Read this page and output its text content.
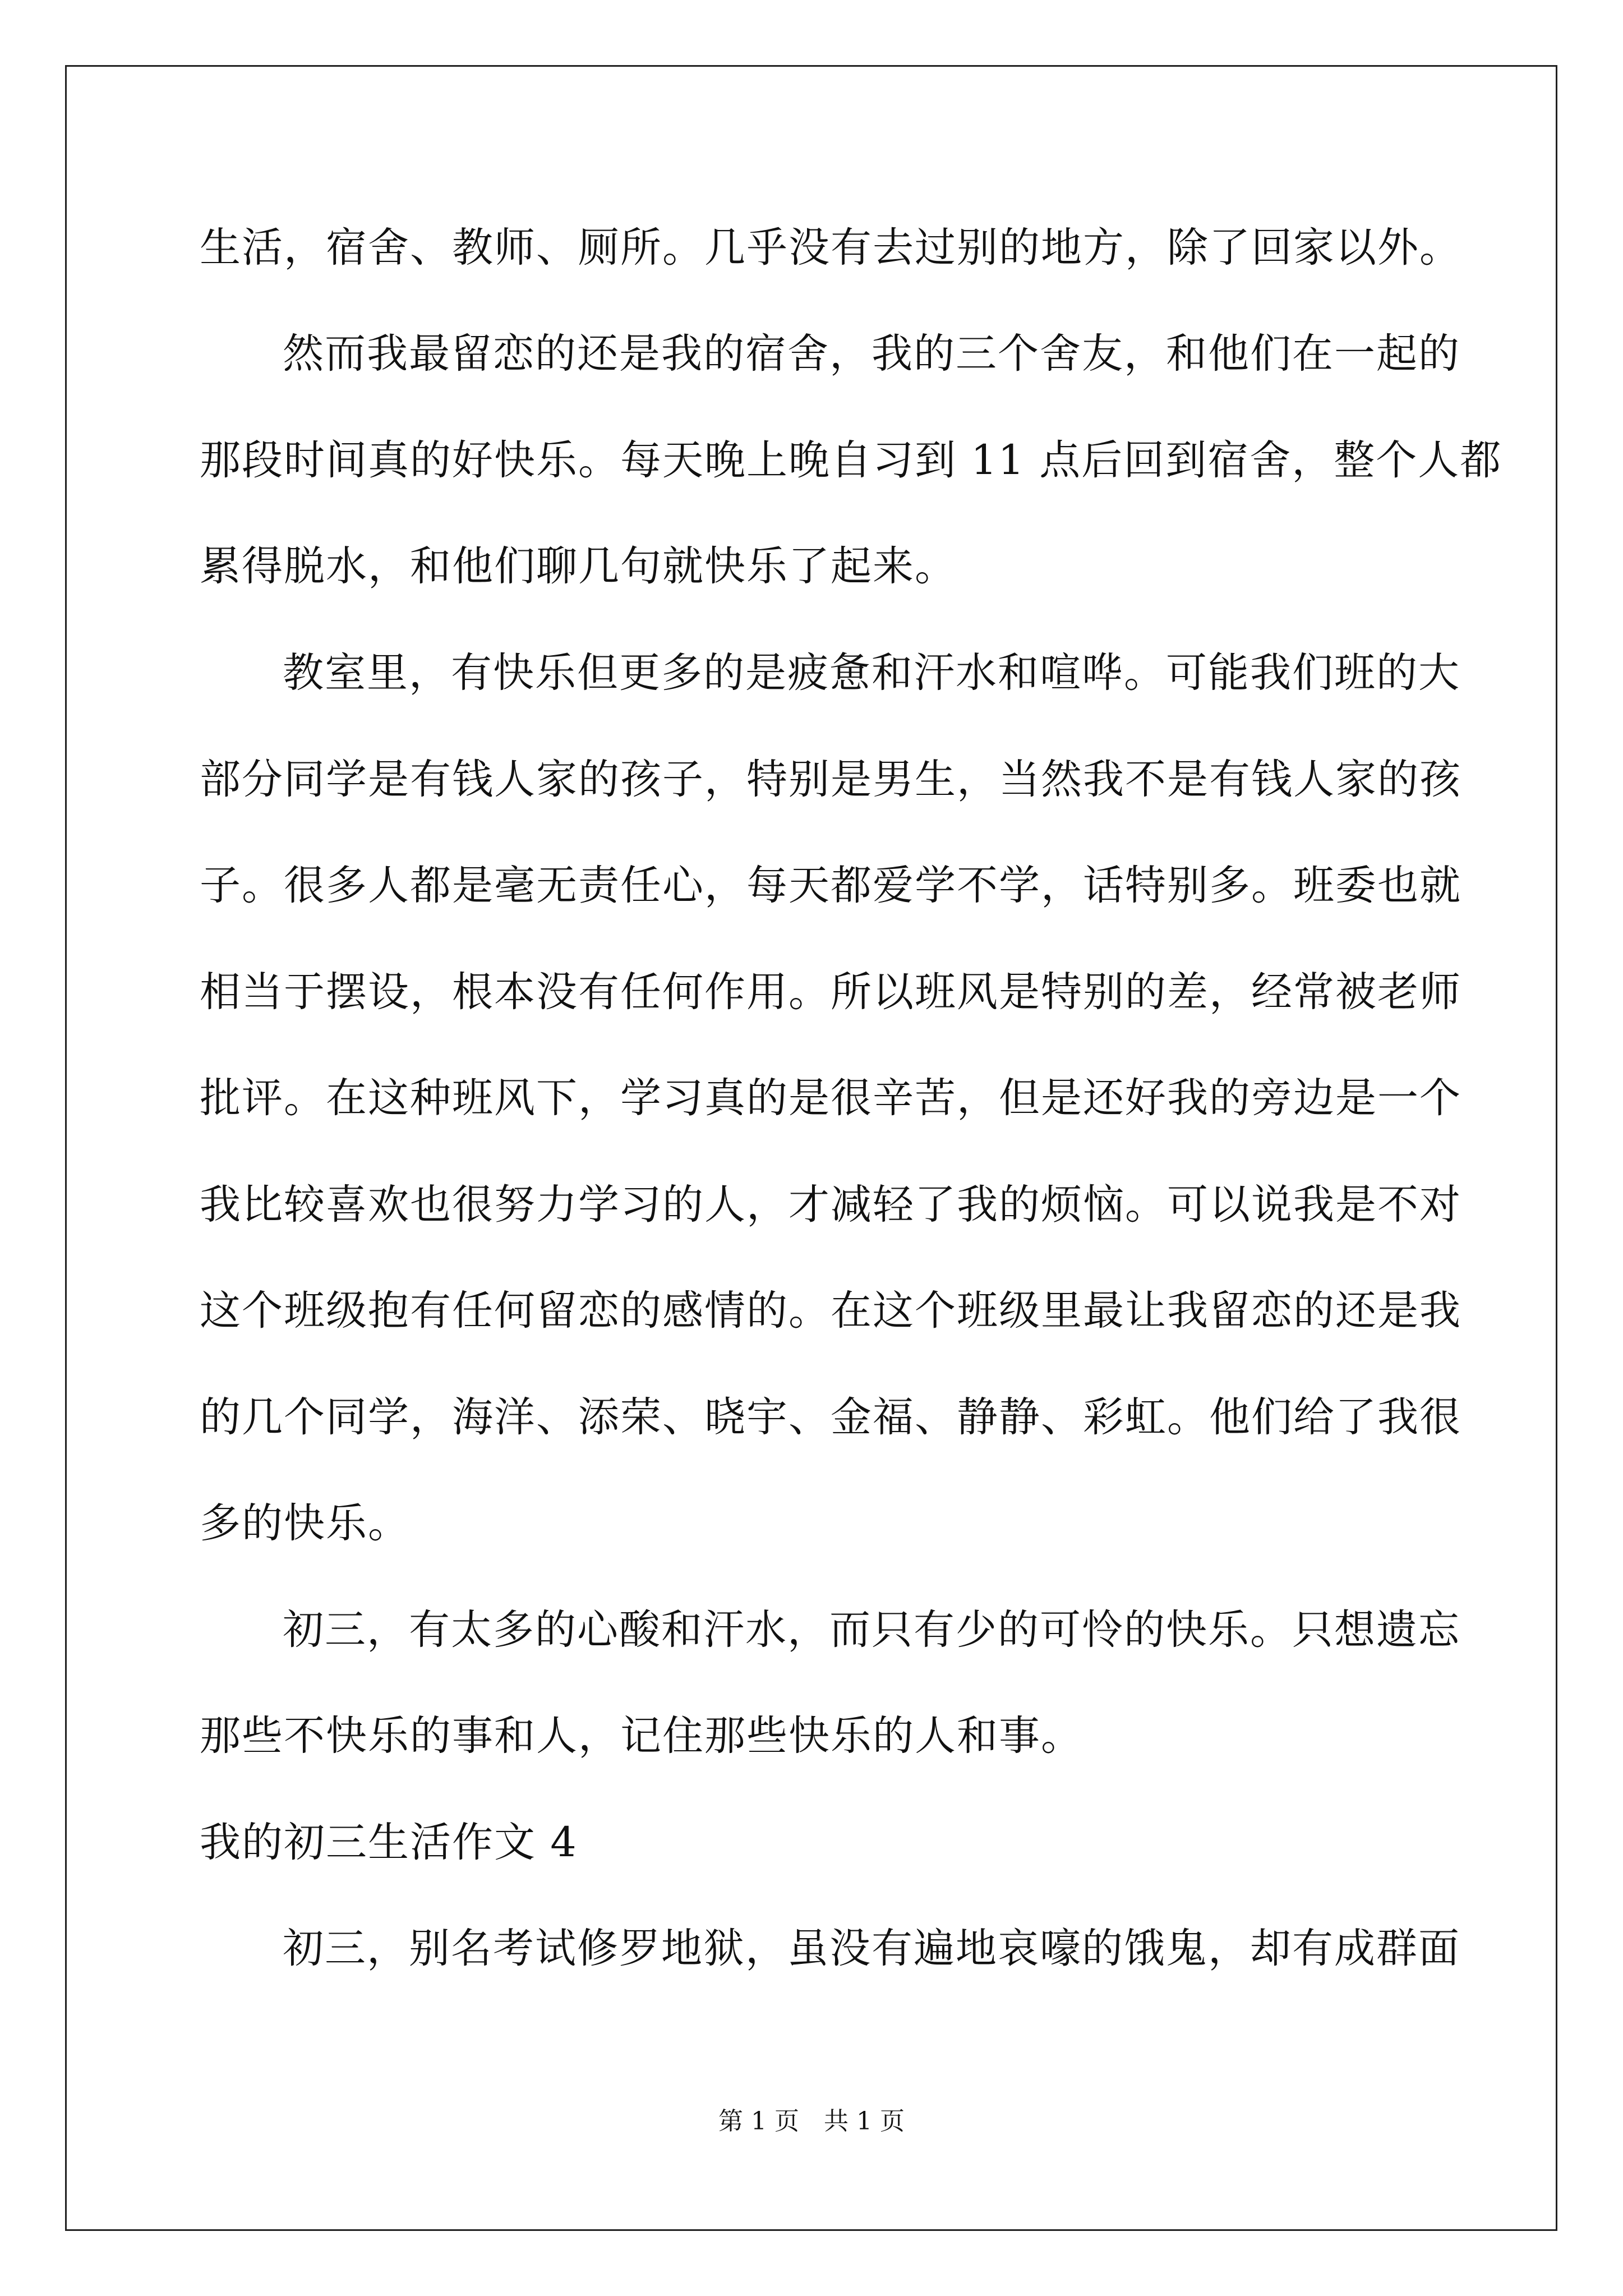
生活，宿舍、教师、厕所。几乎没有去过别的地方，除了回家以外。
然而我最留恋的还是我的宿舍，我的三个舍友，和他们在一起的
那段时间真的好快乐。每天晚上晚自习到 11 点后回到宿舍，整个人都
累得脱水，和他们聊几句就快乐了起来。
教室里，有快乐但更多的是疲惫和汗水和喧哗。可能我们班的大
部分同学是有钱人家的孩子，特别是男生，当然我不是有钱人家的孩
子。很多人都是毫无责任心，每天都爱学不学，话特别多。班委也就
相当于摆设，根本没有任何作用。所以班风是特别的差，经常被老师
批评。在这种班风下，学习真的是很辛苦，但是还好我的旁边是一个
我比较喜欢也很努力学习的人，才减轻了我的烦恼。可以说我是不对
这个班级抱有任何留恋的感情的。在这个班级里最让我留恋的还是我
的几个同学，海洋、添荣、晓宇、金福、静静、彩虹。他们给了我很
多的快乐。
初三，有太多的心酸和汗水，而只有少的可怜的快乐。只想遗忘
那些不快乐的事和人，记住那些快乐的人和事。
我的初三生活作文 4
初三，别名考试修罗地狱，虽没有遍地哀嚎的饿鬼，却有成群面
第 1 页　共 1 页
